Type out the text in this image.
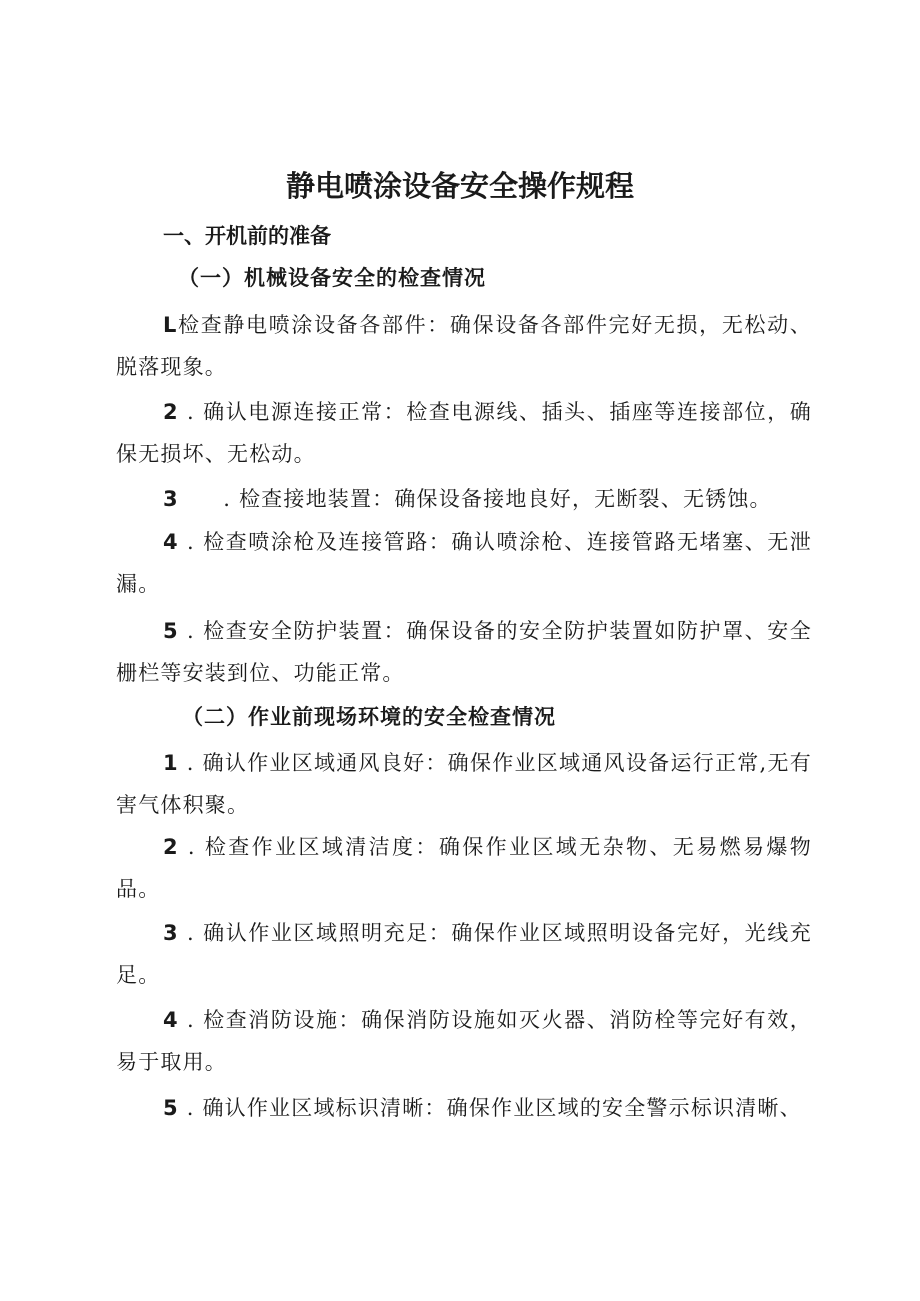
静电喷涂设备安全操作规程
一、开机前的准备
（一）机械设备安全的检查情况

L检查静电喷涂设备各部件：确保设备各部件完好无损，无松动、脱落现象。

2 . 确认电源连接正常：检查电源线、插头、插座等连接部位，确保无损坏、无松动。

3　　. 检查接地装置：确保设备接地良好，无断裂、无锈蚀。

4 . 检查喷涂枪及连接管路：确认喷涂枪、连接管路无堵塞、无泄漏。

5 . 检查安全防护装置：确保设备的安全防护装置如防护罩、安全栅栏等安装到位、功能正常。

（二）作业前现场环境的安全检查情况

1 . 确认作业区域通风良好：确保作业区域通风设备运行正常,无有害气体积聚。

2 . 检查作业区域清洁度：确保作业区域无杂物、无易燃易爆物品。

3 . 确认作业区域照明充足：确保作业区域照明设备完好，光线充足。

4 . 检查消防设施：确保消防设施如灭火器、消防栓等完好有效，易于取用。

5 . 确认作业区域标识清晰：确保作业区域的安全警示标识清晰、
